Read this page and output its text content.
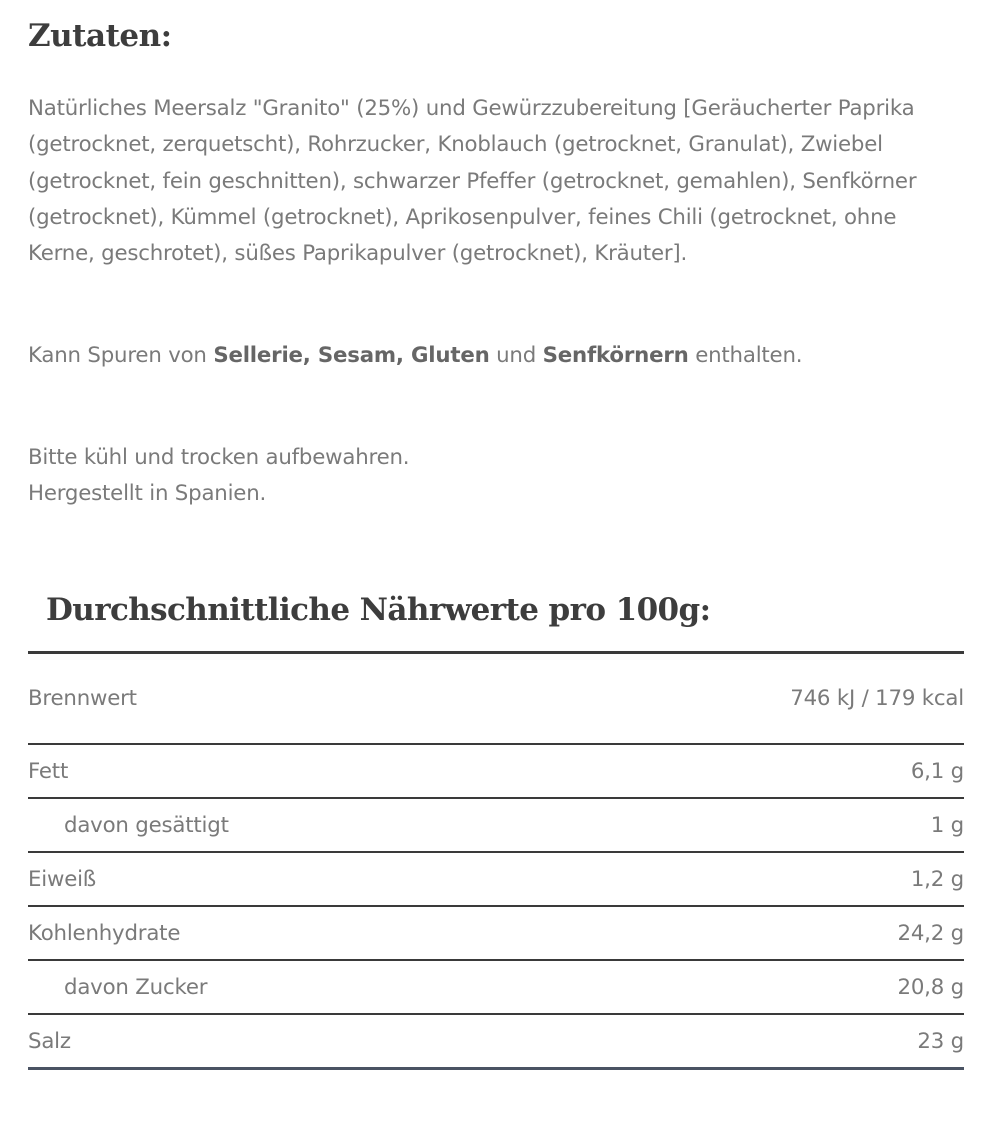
Zutaten:

Natürliches Meersalz "Granito" (25%) und Gewürzzubereitung [Geräucherter Paprika (getrocknet, zerquetscht), Rohrzucker, Knoblauch (getrocknet, Granulat), Zwiebel (getrocknet, fein geschnitten), schwarzer Pfeffer (getrocknet, gemahlen), Senfkörner (getrocknet), Kümmel (getrocknet), Aprikosenpulver, feines Chili (getrocknet, ohne Kerne, geschrotet), süßes Paprikapulver (getrocknet), Kräuter].

Kann Spuren von Sellerie, Sesam, Gluten und Senfkörnern enthalten.

Bitte kühl und trocken aufbewahren.
Hergestellt in Spanien.

Durchschnittliche Nährwerte pro 100g:
Brennwert	746 kJ / 179 kcal
Fett	6,1 g
davon gesättigt	1 g
Eiweiß	1,2 g
Kohlenhydrate	24,2 g
davon Zucker	20,8 g
Salz	23 g
